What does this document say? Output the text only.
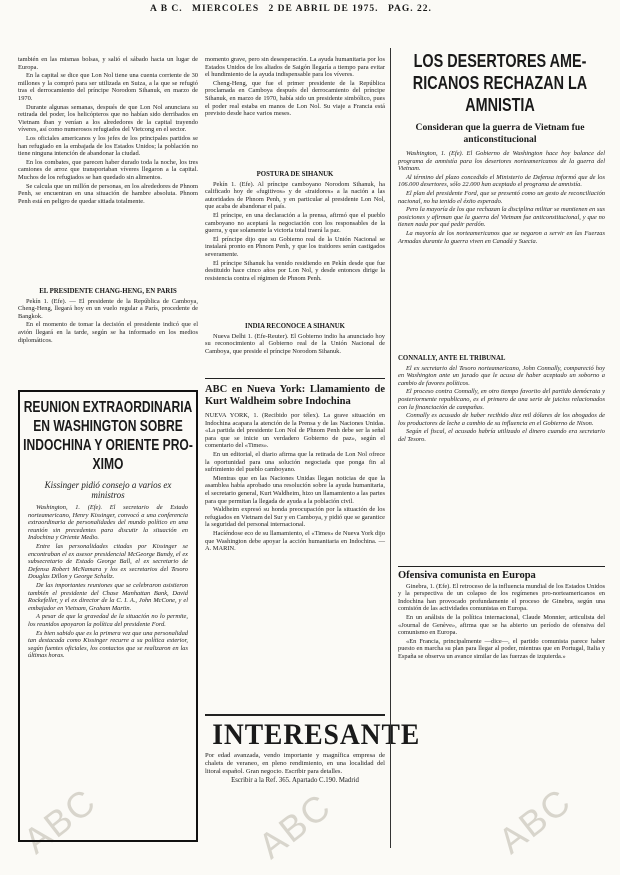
A B C. MIERCOLES 2 DE ABRIL DE 1975. PAG. 22.
ABC	ABC	ABC

también en las mismas bolsas, y salió el sábado hacia un lugar de Europa.

En la capital se dice que Lon Nol tiene una cuenta corriente de 30 millones y la compró para ser utilizada en Suiza, a la que se refugió tras el derrocamiento del príncipe Norodom Sihanuk, en marzo de 1970.

Durante algunas semanas, después de que Lon Nol anunciara su retirada del poder, los helicópteros que no habían sido derribados en Vietnam iban y venían a los alrededores de la capital trayendo víveres, así como numerosos refugiados del Vietcong en el sector.

Los oficiales americanos y los jefes de los principales partidos se han refugiado en la embajada de los Estados Unidos; la población no tiene ninguna intención de abandonar la ciudad.

En los combates, que parecen haber durado toda la noche, los tres camiones de arroz que transportaban víveres llegaron a la capital. Muchos de los refugiados se han quedado sin alimentos.

Se calcula que un millón de personas, en los alrededores de Phnom Penh, se encuentran en una situación de hambre absoluta. Phnom Penh está en peligro de quedar sitiada totalmente.

EL PRESIDENTE CHANG-HENG, EN PARIS

Pekín 1. (Efe). — El presidente de la República de Camboya, Cheng-Heng, llegará hoy en un vuelo regular a París, procedente de Bangkok.

En el momento de tomar la decisión el presidente indicó que el avión llegará en la tarde, según se ha informado en los medios diplomáticos.

REUNION EXTRAORDINARIA
EN WASHINGTON SOBRE
INDOCHINA Y ORIENTE PRO-
XIMO
Kissinger pidió consejo a varios ex ministros

Washington, 1. (Efe). El secretario de Estado norteamericano, Henry Kissinger, convocó a una conferencia extraordinaria de personalidades del mundo político en una reunión sin precedentes para discutir la situación en Indochina y Oriente Medio.

Entre las personalidades citadas por Kissinger se encontraban el ex asesor presidencial McGeorge Bundy, el ex subsecretario de Estado George Ball, el ex secretario de Defensa Robert McNamara y los ex secretarios del Tesoro Douglas Dillon y George Schultz.

De las importantes reuniones que se celebraron asistieron también el presidente del Chase Manhattan Bank, David Rockefeller, y el ex director de la C. I. A., John McCone, y el embajador en Vietnam, Graham Martin.

A pesar de que la gravedad de la situación no lo permite, los reunidos apoyaron la política del presidente Ford.

Es bien sabido que es la primera vez que una personalidad tan destacada como Kissinger recurre a su política exterior, según fuentes oficiales, los contactos que se realizaron en las últimas horas.

momento grave, pero sin desesperación. La ayuda humanitaria por los Estados Unidos de los aliados de Saigón llegaría a tiempo para evitar el hundimiento de la ayuda indispensable para los víveres.

Cheng-Heng, que fue el primer presidente de la República proclamada en Camboya después del derrocamiento del príncipe Sihanuk, en marzo de 1970, había sido un presidente simbólico, pues el poder real estaba en manos de Lon Nol. Su viaje a Francia está previsto desde hace varios meses.

POSTURA DE SIHANUK

Pekín 1. (Efe). Al príncipe camboyano Norodom Sihanuk, ha calificado hoy de «fugitivos» y de «traidores» a la nación a las autoridades de Phnom Penh, y en particular al presidente Lon Nol, que acaba de abandonar el país.

El príncipe, en una declaración a la prensa, afirmó que el pueblo camboyano no aceptará la negociación con los responsables de la guerra, y que solamente la victoria total traerá la paz.

El príncipe dijo que su Gobierno real de la Unión Nacional se instalará pronto en Phnom Penh, y que los traidores serán castigados severamente.

El príncipe Sihanuk ha venido residiendo en Pekín desde que fue destituido hace cinco años por Lon Nol, y desde entonces dirige la resistencia contra el régimen de Phnom Penh.

INDIA RECONOCE A SIHANUK

Nueva Delhi 1. (Efe-Reuter). El Gobierno indio ha anunciado hoy su reconocimiento al Gobierno real de la Unión Nacional de Camboya, que preside el príncipe Norodom Sihanuk.

ABC en Nueva York: Llamamiento de Kurt Waldheim sobre Indochina

NUEVA YORK, 1. (Recibido por télex). La grave situación en Indochina acapara la atención de la Prensa y de las Naciones Unidas. «La partida del presidente Lon Nol de Phnom Penh debe ser la señal para que se inicie un verdadero Gobierno de paz», según el comentario del «Times».

En un editorial, el diario afirma que la retirada de Lon Nol ofrece la oportunidad para una solución negociada que ponga fin al sufrimiento del pueblo camboyano.

Mientras que en las Naciones Unidas llegan noticias de que la asamblea había aprobado una resolución sobre la ayuda humanitaria, el secretario general, Kurt Waldheim, hizo un llamamiento a las partes para que permitan la llegada de ayuda a la población civil.

Waldheim expresó su honda preocupación por la situación de los refugiados en Vietnam del Sur y en Camboya, y pidió que se garantice la seguridad del personal internacional.

Hacíéndose eco de su llamamiento, el «Times» de Nueva York dijo que Washington debe apoyar la acción humanitaria en Indochina. — A. MARIN.

INTERESANTE
Por edad avanzada, vendo importante y magnífica empresa de chalets de veraneo, en pleno rendimiento, en una localidad del litoral español. Gran negocio. Escribir para detalles.
Escribir a la Ref. 365. Apartado C.190. Madrid
LOS DESERTORES AME-
RICANOS RECHAZAN LA
AMNISTIA
Consideran que la guerra de Vietnam fue anticonstitucional

Washington, 1. (Efe). El Gobierno de Washington hace hoy balance del programa de amnistía para los desertores norteamericanos de la guerra del Vietnam.

Al término del plazo concedido el Ministerio de Defensa informó que de los 106.000 desertores, sólo 22.000 han aceptado el programa de amnistía.

El plan del presidente Ford, que se presentó como un gesto de reconciliación nacional, no ha tenido el éxito esperado.

Pero la mayoría de los que rechazan la disciplina militar se mantienen en sus posiciones y afirman que la guerra del Vietnam fue anticonstitucional, y que no tienen nada por qué pedir perdón.

La mayoría de los norteamericanos que se negaron a servir en las Fuerzas Armadas durante la guerra viven en Canadá y Suecia.

CONNALLY, ANTE EL TRIBUNAL

El ex secretario del Tesoro norteamericano, John Connally, compareció hoy en Washington ante un jurado que le acusa de haber aceptado un soborno a cambio de favores políticos.

El proceso contra Connally, en otro tiempo favorito del partido demócrata y posteriormente republicano, es el primero de una serie de juicios relacionados con la financiación de campañas.

Connally es acusado de haber recibido diez mil dólares de los abogados de los productores de leche a cambio de su influencia en el Gobierno de Nixon.

Según el fiscal, el acusado habría utilizado el dinero cuando era secretario del Tesoro.

Ofensiva comunista en Europa

Ginebra, 1. (Efe). El retroceso de la influencia mundial de los Estados Unidos y la perspectiva de un colapso de los regímenes pro-norteamericanos en Indochina han provocado profundamente el proceso de Ginebra, según una comisión de las actividades comunistas en Europa.

En un análisis de la política internacional, Claude Monnier, articulista del «Journal de Genève», afirma que se ha abierto un período de ofensiva del comunismo en Europa.

«En Francia, principalmente —dice—, el partido comunista parece haber puesto en marcha su plan para llegar al poder, mientras que en Portugal, Italia y España se observa un avance similar de las fuerzas de izquierda.»
